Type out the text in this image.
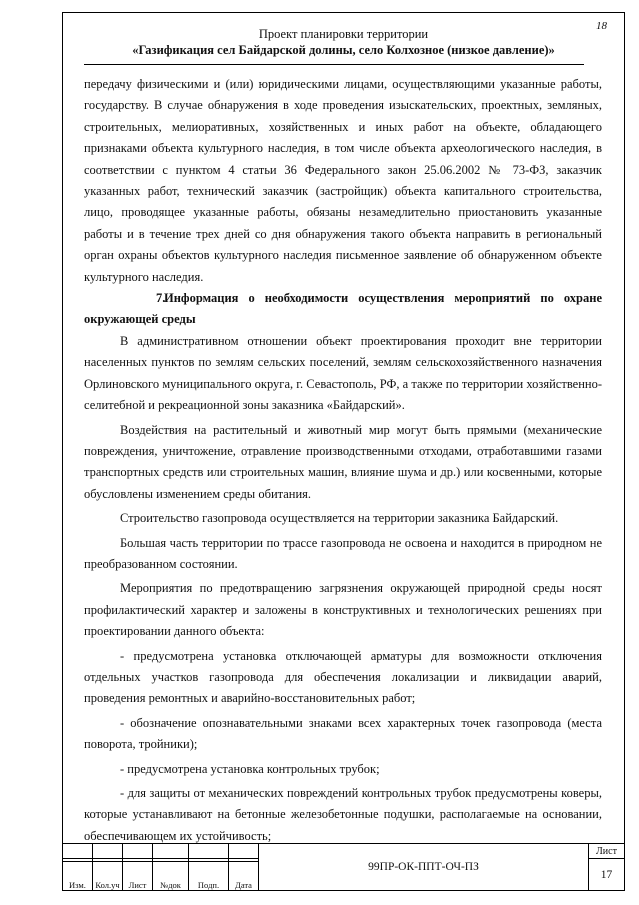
18
Проект планировки территории
«Газификация сел Байдарской долины, село Колхозное (низкое давление)»

передачу физическими и (или) юридическими лицами, осуществляющими указанные работы, государству. В случае обнаружения в ходе проведения изыскательских, проектных, земляных, строительных, мелиоративных, хозяйственных и иных работ на объекте, обладающего признаками объекта культурного наследия, в том числе объекта археологического наследия, в соответствии с пунктом 4 статьи 36 Федерального закон 25.06.2002 № 73-ФЗ, заказчик указанных работ, технический заказчик (застройщик) объекта капитального строительства, лицо, проводящее указанные работы, обязаны незамедлительно приостановить указанные работы и в течение трех дней со дня обнаружения такого объекта направить в региональный орган охраны объектов культурного наследия письменное заявление об обнаруженном объекте культурного наследия.

7.Информация о необходимости осуществления мероприятий по охране окружающей среды

В административном отношении объект проектирования проходит вне территории населенных пунктов по землям сельских поселений, землям сельскохозяйственного назначения Орлиновского муниципального округа, г. Севастополь, РФ, а также по территории хозяйственно-селитебной и рекреационной зоны заказника «Байдарский».

Воздействия на растительный и животный мир могут быть прямыми (механические повреждения, уничтожение, отравление производственными отходами, отработавшими газами транспортных средств или строительных машин, влияние шума и др.) или косвенными, которые обусловлены изменением среды обитания.

Строительство газопровода осуществляется на территории заказника Байдарский.

Большая часть территории по трассе газопровода не освоена и находится в природном не преобразованном состоянии.

Мероприятия по предотвращению загрязнения окружающей природной среды носят профилактический характер и заложены в конструктивных и технологических решениях при проектировании данного объекта:

- предусмотрена установка отключающей арматуры для возможности отключения отдельных участков газопровода для обеспечения локализации и ликвидации аварий, проведения ремонтных и аварийно-восстановительных работ;

- обозначение опознавательными знаками всех характерных точек газопровода (места поворота, тройники);

- предусмотрена установка контрольных трубок;

- для защиты от механических повреждений контрольных трубок предусмотрены коверы, которые устанавливают на бетонные железобетонные подушки, располагаемые на основании, обеспечивающем их устойчивость;

						99ПР-ОК-ППТ-ОЧ-ПЗ	Лист
							17
Изм.	Кол.уч	Лист	№док	Подп.	Дата		
